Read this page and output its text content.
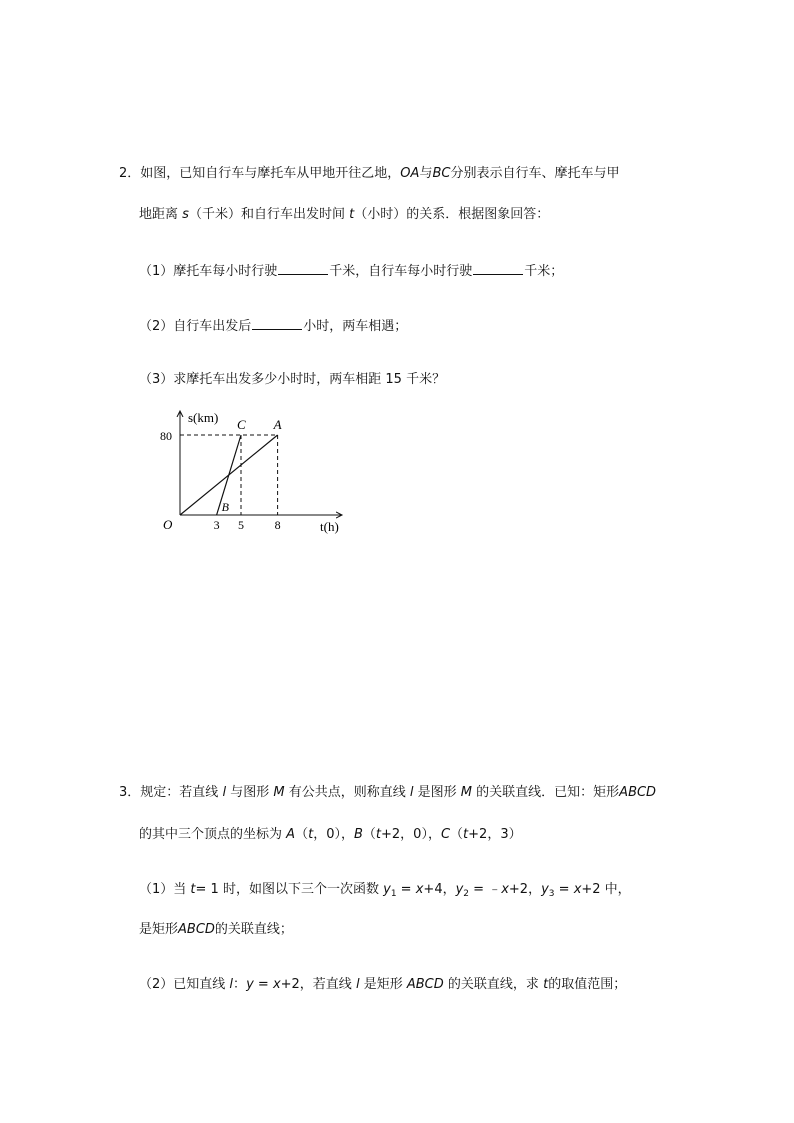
2．如图，已知自行车与摩托车从甲地开往乙地，OA与BC分别表示自行车、摩托车与甲
地距离 s（千米）和自行车出发时间 t（小时）的关系．根据图象回答：
（1）摩托车每小时行驶	千米，自行车每小时行驶	千米；
（2）自行车出发后	小时，两车相遇；
（3）求摩托车出发多少小时时，两车相距 15 千米？
s(km)
t(h)
O
80
3 5	8
A
C
B
3．规定：若直线 l 与图形 M 有公共点，则称直线 l 是图形 M 的关联直线．已知：矩形ABCD
的其中三个顶点的坐标为 A（t，0），B（t+2，0），C（t+2，3）
（1）当 t= 1 时，如图以下三个一次函数 $y_1 = x+4$，$y_2$ = ﹣x+2，$y_3 = x+2$ 中，
是矩形ABCD的关联直线；
（2）已知直线 l：y = x+2，若直线 l 是矩形 ABCD 的关联直线，求 t的取值范围；
